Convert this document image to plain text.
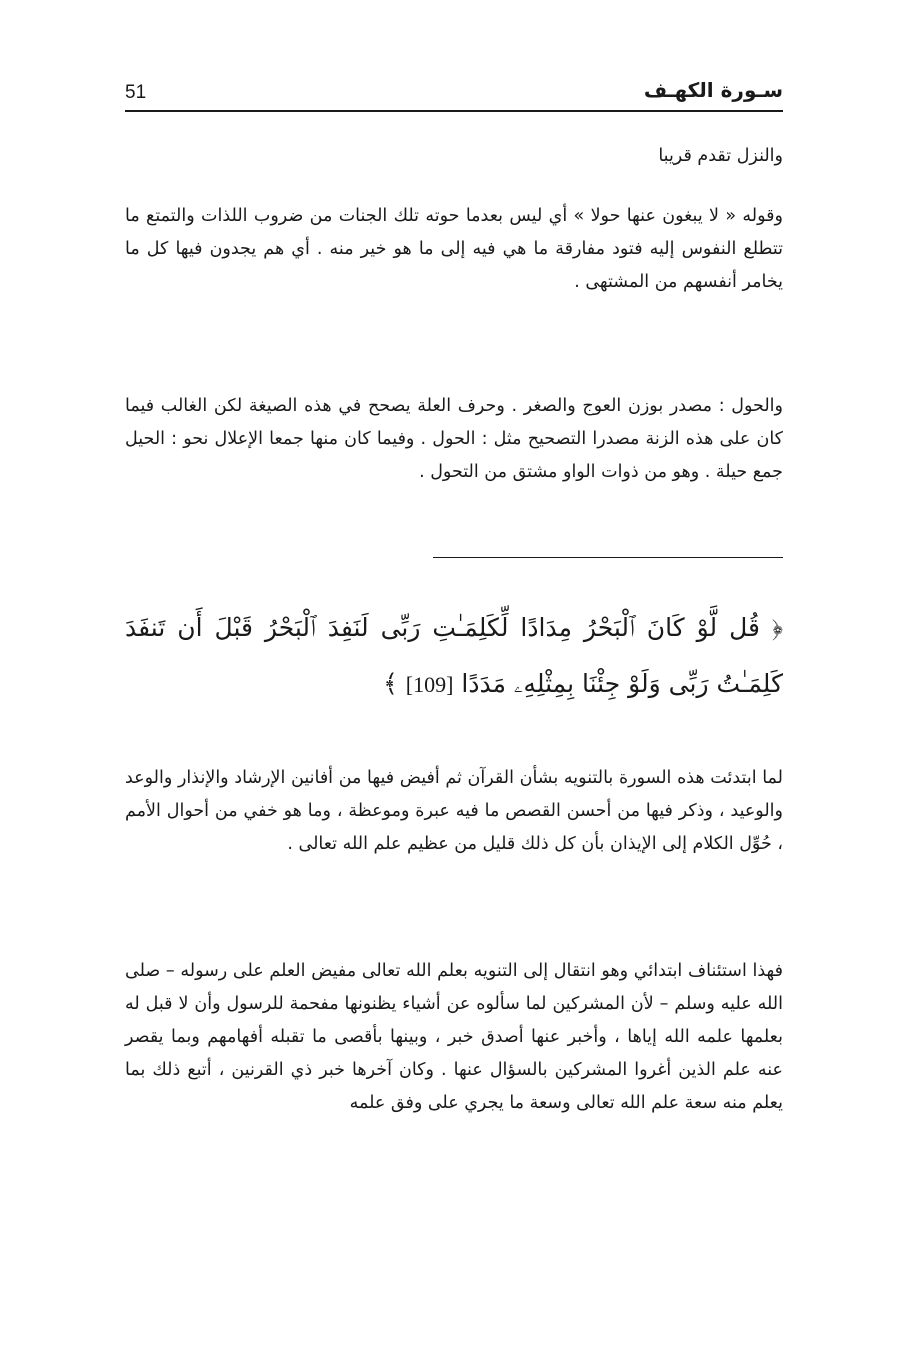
51	سـورة الكهـف

والنزل تقدم قريبا

وقوله « لا يبغون عنها حولا » أي ليس بعدما حوته تلك الجنات من ضروب اللذات والتمتع ما تتطلع النفوس إليه فتود مفارقة ما هي فيه إلى ما هو خير منه . أي هم يجدون فيها كل ما يخامر أنفسهم من المشتهى .

والحول : مصدر بوزن العوج والصغر . وحرف العلة يصحح في هذه الصيغة لكن الغالب فيما كان على هذه الزنة مصدرا التصحيح مثل : الحول . وفيما كان منها جمعا الإعلال نحو : الحيل جمع حيلة . وهو من ذوات الواو مشتق من التحول .

﴿ قُل لَّوْ كَانَ ٱلْبَحْرُ مِدَادًا لِّكَلِمَـٰتِ رَبِّى لَنَفِدَ ٱلْبَحْرُ قَبْلَ أَن تَنفَدَ كَلِمَـٰتُ رَبِّى وَلَوْ جِئْنَا بِمِثْلِهِۦ مَدَدًا [109] ﴾

لما ابتدئت هذه السورة بالتنويه بشأن القرآن ثم أفيض فيها من أفانين الإرشاد والإنذار والوعد والوعيد ، وذكر فيها من أحسن القصص ما فيه عبرة وموعظة ، وما هو خفي من أحوال الأمم ، حُوِّل الكلام إلى الإيذان بأن كل ذلك قليل من عظيم علم الله تعالى .

فهذا استئناف ابتدائي وهو انتقال إلى التنويه بعلم الله تعالى مفيض العلم على رسوله – صلى الله عليه وسلم – لأن المشركين لما سألوه عن أشياء يظنونها مفحمة للرسول وأن لا قبل له بعلمها علمه الله إياها ، وأخبر عنها أصدق خبر ، وبينها بأقصى ما تقبله أفهامهم وبما يقصر عنه علم الذين أغروا المشركين بالسؤال عنها . وكان آخرها خبر ذي القرنين ، أتبع ذلك بما يعلم منه سعة علم الله تعالى وسعة ما يجري على وفق علمه
